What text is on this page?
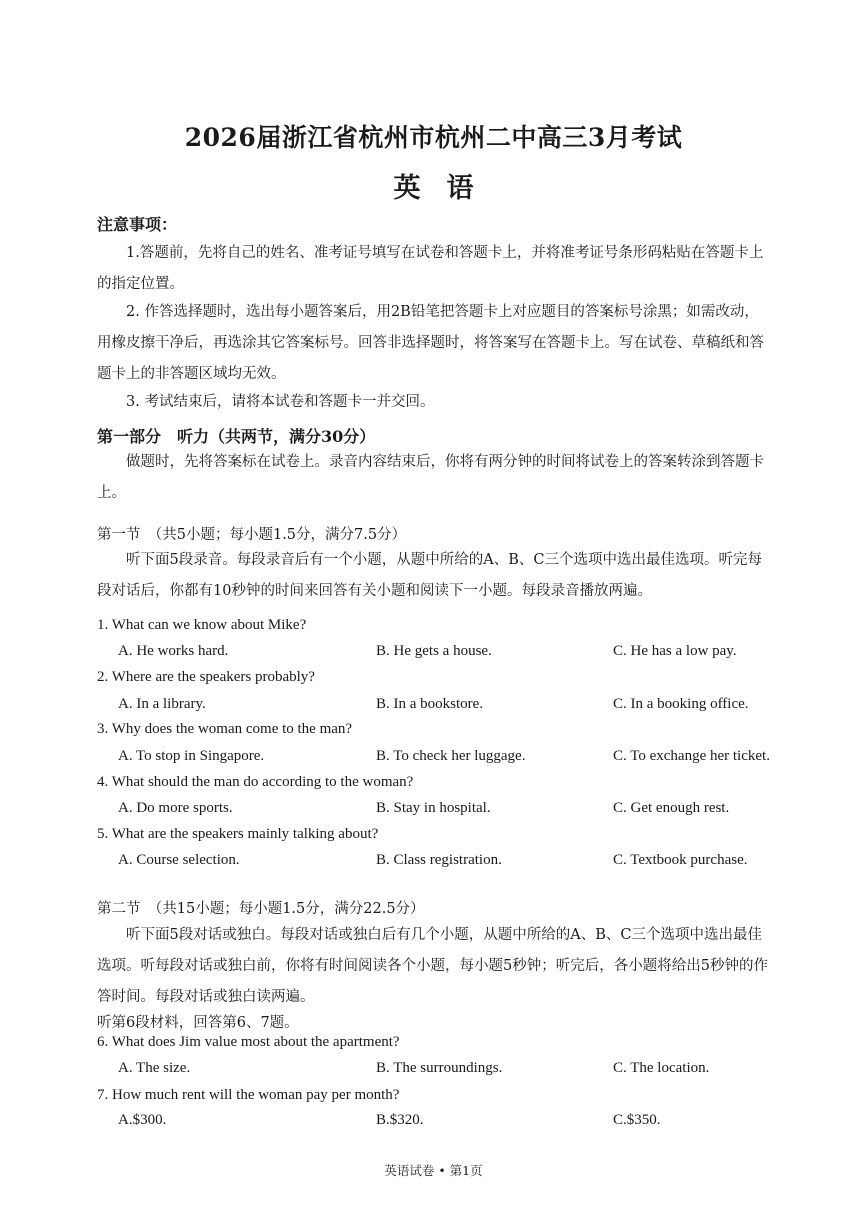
2026届浙江省杭州市杭州二中高三3月考试
英语
注意事项：
1.答题前，先将自己的姓名、准考证号填写在试卷和答题卡上，并将准考证号条形码粘贴在答题卡上的指定位置。
2. 作答选择题时，选出每小题答案后，用2B铅笔把答题卡上对应题目的答案标号涂黑；如需改动，用橡皮擦干净后，再选涂其它答案标号。回答非选择题时，将答案写在答题卡上。写在试卷、草稿纸和答题卡上的非答题区域均无效。
3. 考试结束后，请将本试卷和答题卡一并交回。
第一部分　听力（共两节，满分30分）
做题时，先将答案标在试卷上。录音内容结束后，你将有两分钟的时间将试卷上的答案转涂到答题卡上。
第一节　（共5小题；每小题1.5分，满分7.5分）
听下面5段录音。每段录音后有一个小题，从题中所给的A、B、C三个选项中选出最佳选项。听完每段对话后，你都有10秒钟的时间来回答有关小题和阅读下一小题。每段录音播放两遍。
1. What can we know about Mike?
A. He works hard.	B. He gets a house.	C. He has a low pay.
2. Where are the speakers probably?
A. In a library.	B. In a bookstore.	C. In a booking office.
3. Why does the woman come to the man?
A. To stop in Singapore.	B. To check her luggage.	C. To exchange her ticket.
4. What should the man do according to the woman?
A. Do more sports.	B. Stay in hospital.	C. Get enough rest.
5. What are the speakers mainly talking about?
A. Course selection.	B. Class registration.	C. Textbook purchase.
第二节　（共15小题；每小题1.5分，满分22.5分）
听下面5段对话或独白。每段对话或独白后有几个小题，从题中所给的A、B、C三个选项中选出最佳选项。听每段对话或独白前，你将有时间阅读各个小题，每小题5秒钟；听完后，各小题将给出5秒钟的作答时间。每段对话或独白读两遍。
听第6段材料，回答第6、7题。
6. What does Jim value most about the apartment?
A. The size.	B. The surroundings.	C. The location.
7. How much rent will the woman pay per month?
A.$300.	B.$320.	C.$350.
英语试卷 • 第1页
